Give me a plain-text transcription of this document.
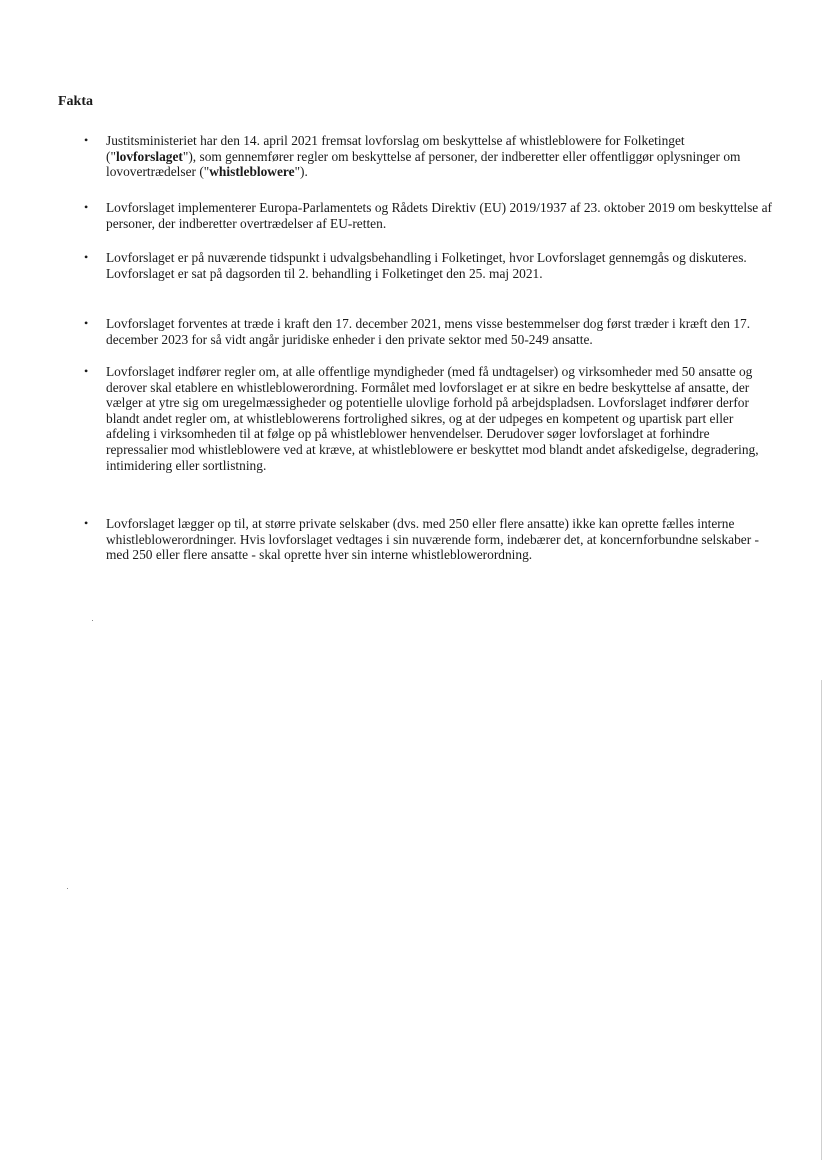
Fakta
•	Justitsministeriet har den 14. april 2021 fremsat lovforslag om beskyttelse af whistleblowere for Folketinget ("lovforslaget"), som gennemfører regler om beskyttelse af personer, der indberetter eller offentliggør oplysninger om lovovertrædelser ("whistleblowere").
•	Lovforslaget implementerer Europa-Parlamentets og Rådets Direktiv (EU) 2019/1937 af 23. oktober 2019 om beskyttelse af personer, der indberetter overtrædelser af EU-retten.
•	Lovforslaget er på nuværende tidspunkt i udvalgsbehandling i Folketinget, hvor Lovforslaget gennemgås og diskuteres. Lovforslaget er sat på dagsorden til 2. behandling i Folketinget den 25. maj 2021.
•	Lovforslaget forventes at træde i kraft den 17. december 2021, mens visse bestemmelser dog først træder i kræft den 17. december 2023 for så vidt angår juridiske enheder i den private sektor med 50-249 ansatte.
•	Lovforslaget indfører regler om, at alle offentlige myndigheder (med få undtagelser) og virksomheder med 50 ansatte og derover skal etablere en whistleblowerordning. Formålet med lovforslaget er at sikre en bedre beskyttelse af ansatte, der vælger at ytre sig om uregelmæssigheder og potentielle ulovlige forhold på arbejdspladsen. Lovforslaget indfører derfor blandt andet regler om, at whistleblowerens fortrolighed sikres, og at der udpeges en kompetent og upartisk part eller afdeling i virksomheden til at følge op på whistleblower henvendelser. Derudover søger lovforslaget at forhindre repressalier mod whistleblowere ved at kræve, at whistleblowere er beskyttet mod blandt andet afskedigelse, degradering, intimidering eller sortlistning.
•	Lovforslaget lægger op til, at større private selskaber (dvs. med 250 eller flere ansatte) ikke kan oprette fælles interne whistleblowerordninger. Hvis lovforslaget vedtages i sin nuværende form, indebærer det, at koncernforbundne selskaber - med 250 eller flere ansatte - skal oprette hver sin interne whistleblowerordning.
